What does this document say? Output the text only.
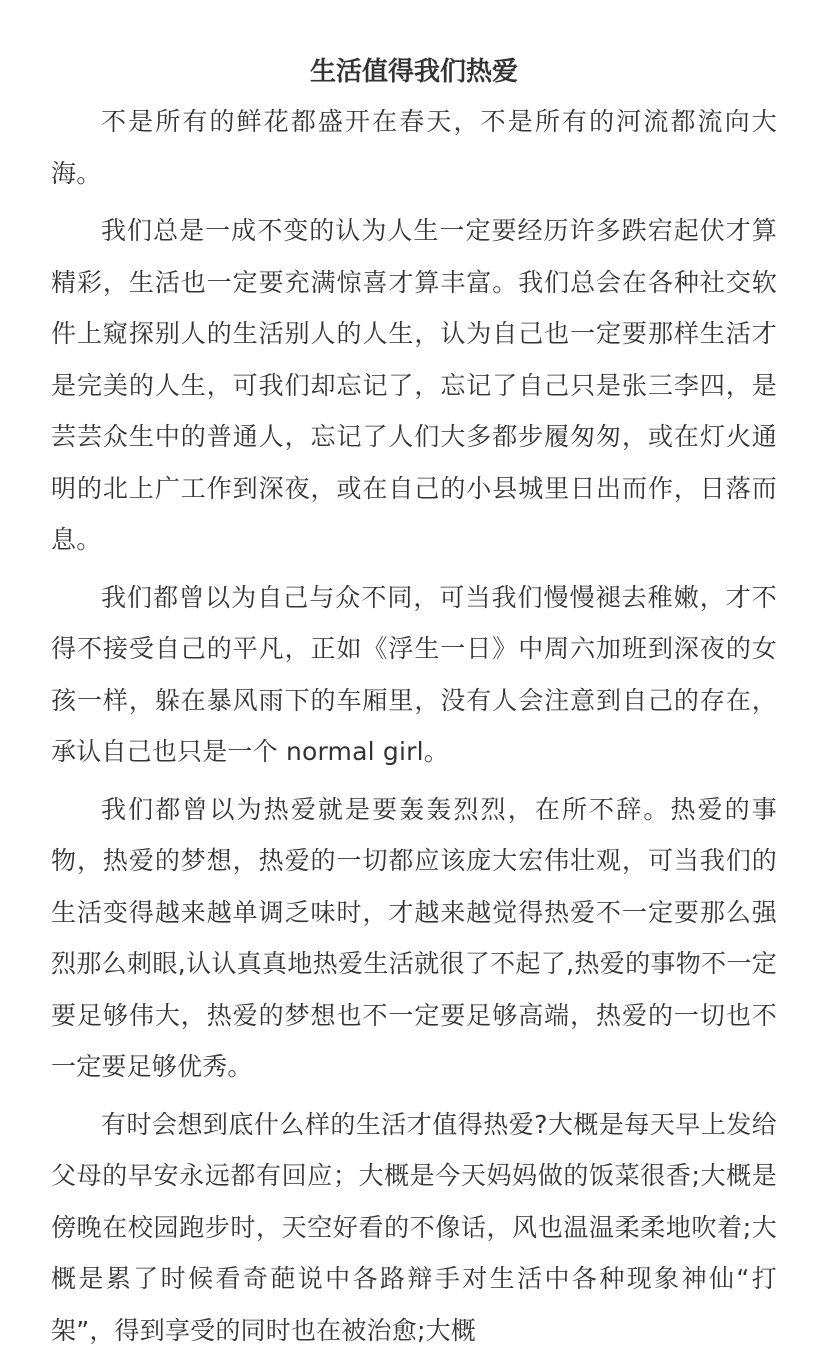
生活值得我们热爱

不是所有的鲜花都盛开在春天，不是所有的河流都流向大海。

我们总是一成不变的认为人生一定要经历许多跌宕起伏才算精彩，生活也一定要充满惊喜才算丰富。我们总会在各种社交软件上窥探别人的生活别人的人生，认为自己也一定要那样生活才是完美的人生，可我们却忘记了，忘记了自己只是张三李四，是芸芸众生中的普通人，忘记了人们大多都步履匆匆，或在灯火通明的北上广工作到深夜，或在自己的小县城里日出而作，日落而息。

我们都曾以为自己与众不同，可当我们慢慢褪去稚嫩，才不得不接受自己的平凡，正如《浮生一日》中周六加班到深夜的女孩一样，躲在暴风雨下的车厢里，没有人会注意到自己的存在，承认自己也只是一个 normal girl。

我们都曾以为热爱就是要轰轰烈烈，在所不辞。热爱的事物，热爱的梦想，热爱的一切都应该庞大宏伟壮观，可当我们的生活变得越来越单调乏味时，才越来越觉得热爱不一定要那么强烈那么刺眼,认认真真地热爱生活就很了不起了,热爱的事物不一定要足够伟大，热爱的梦想也不一定要足够高端，热爱的一切也不一定要足够优秀。

有时会想到底什么样的生活才值得热爱?大概是每天早上发给父母的早安永远都有回应；大概是今天妈妈做的饭菜很香;大概是傍晚在校园跑步时，天空好看的不像话，风也温温柔柔地吹着;大概是累了时候看奇葩说中各路辩手对生活中各种现象神仙“打架”，得到享受的同时也在被治愈;大概
